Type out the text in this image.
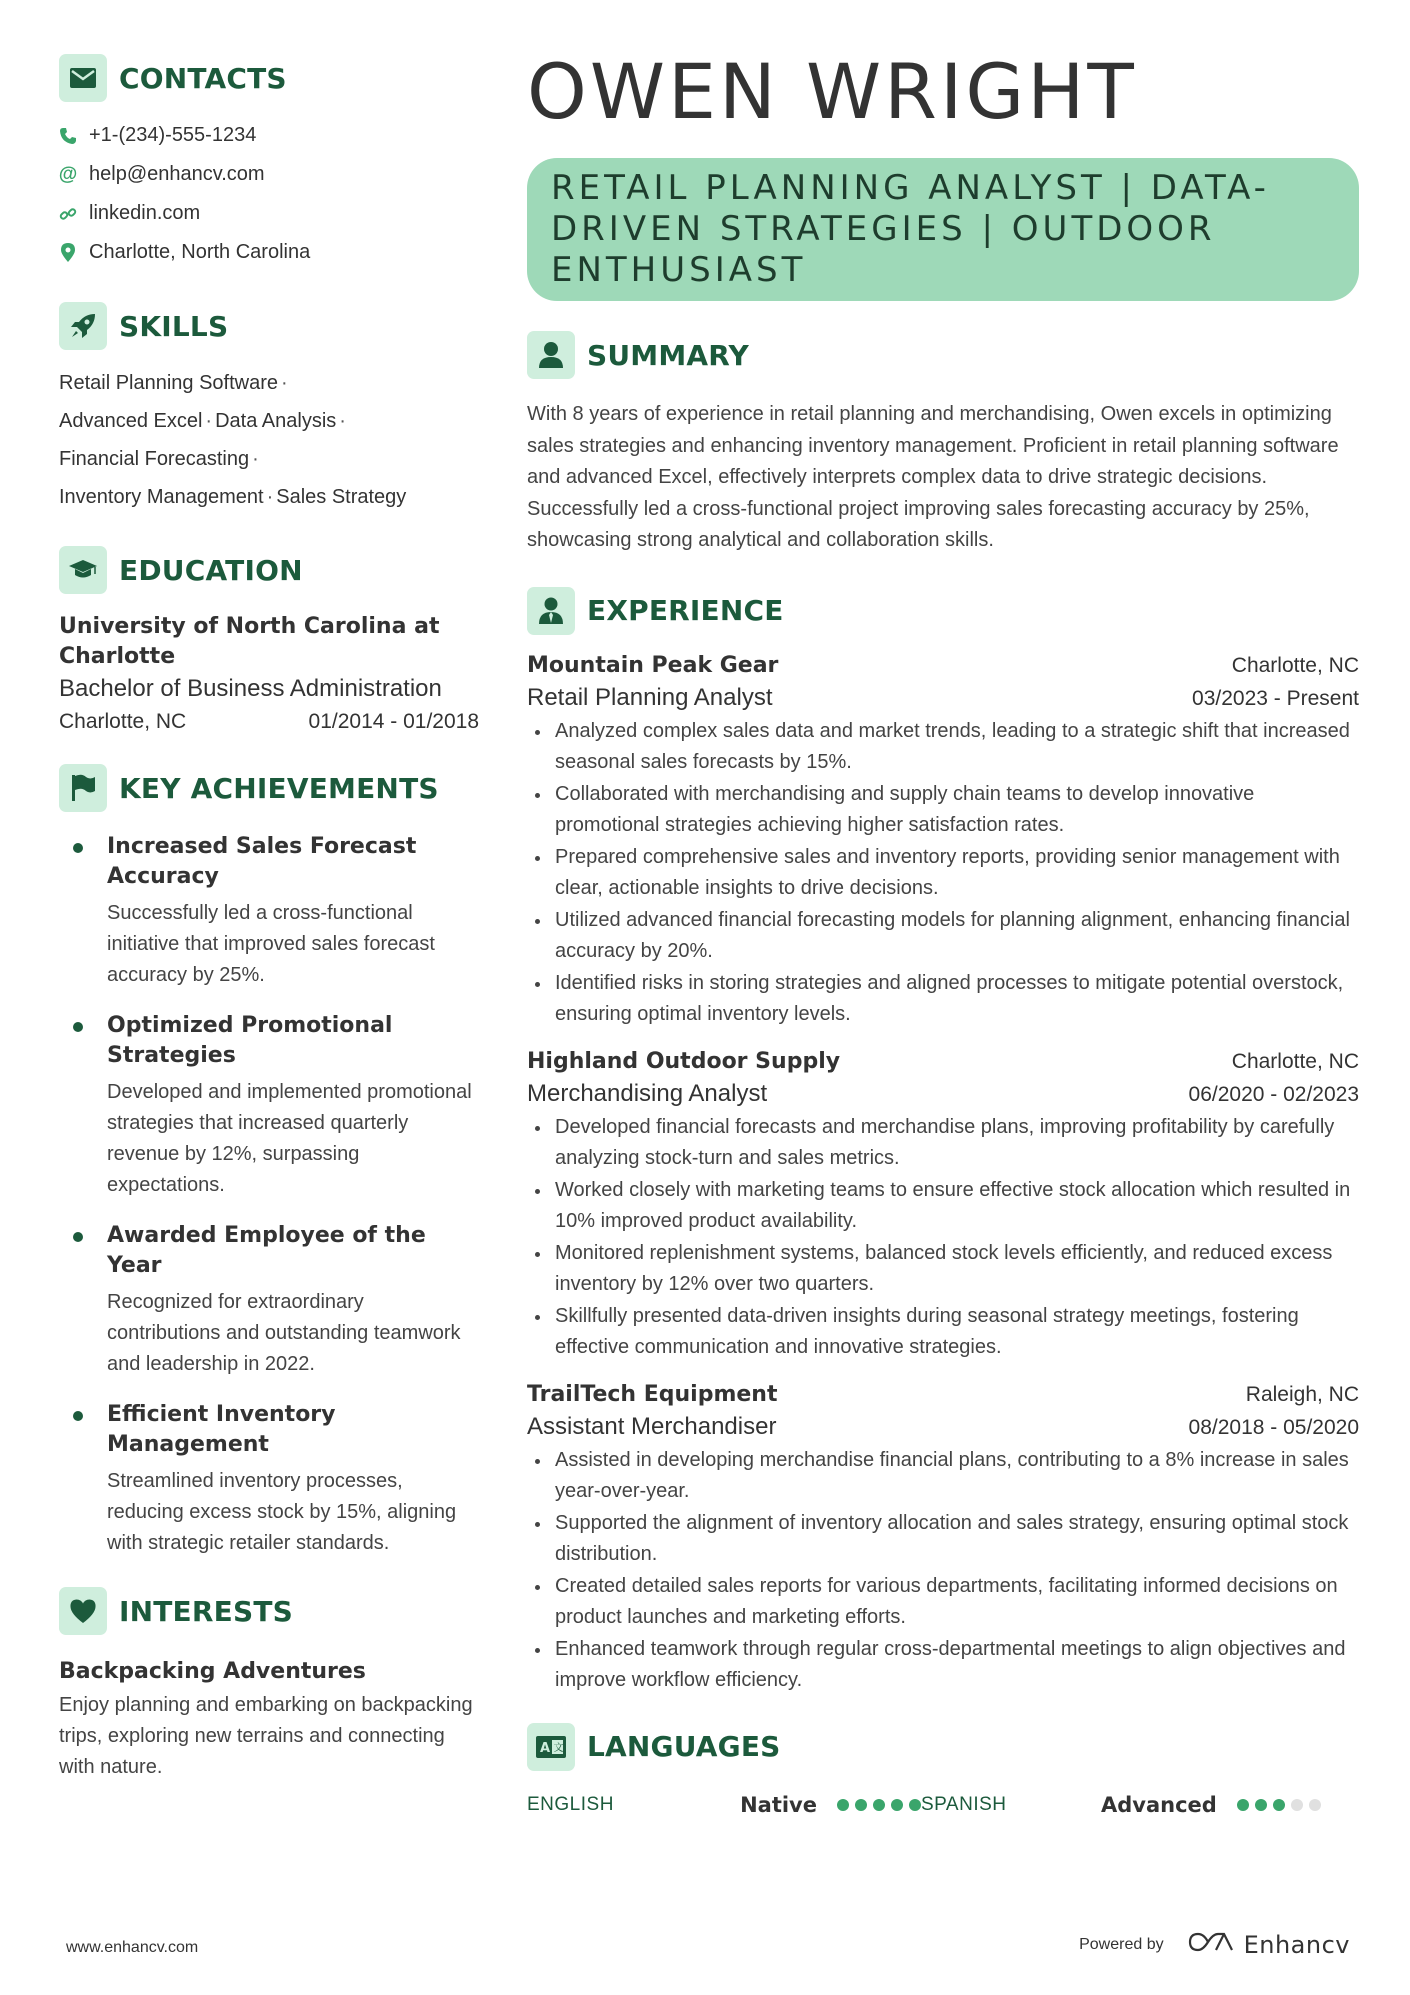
CONTACTS
+1-(234)-555-1234
@ help@enhancv.com
linkedin.com
Charlotte, North Carolina
SKILLS
Retail Planning Software ·
Advanced Excel · Data Analysis ·
Financial Forecasting ·
Inventory Management · Sales Strategy
EDUCATION
University of North Carolina at Charlotte
Bachelor of Business Administration
Charlotte, NC	01/2014 - 01/2018
KEY ACHIEVEMENTS
Increased Sales Forecast Accuracy
Successfully led a cross-functional initiative that improved sales forecast accuracy by 25%.
Optimized Promotional Strategies
Developed and implemented promotional strategies that increased quarterly revenue by 12%, surpassing expectations.
Awarded Employee of the Year
Recognized for extraordinary contributions and outstanding teamwork and leadership in 2022.
Efficient Inventory Management
Streamlined inventory processes, reducing excess stock by 15%, aligning with strategic retailer standards.
INTERESTS
Backpacking Adventures
Enjoy planning and embarking on backpacking trips, exploring new terrains and connecting with nature.
OWEN WRIGHT
RETAIL PLANNING ANALYST | DATA-DRIVEN STRATEGIES | OUTDOOR ENTHUSIAST
SUMMARY
With 8 years of experience in retail planning and merchandising, Owen excels in optimizing sales strategies and enhancing inventory management. Proficient in retail planning software and advanced Excel, effectively interprets complex data to drive strategic decisions. Successfully led a cross-functional project improving sales forecasting accuracy by 25%, showcasing strong analytical and collaboration skills.
EXPERIENCE
Mountain Peak Gear	Charlotte, NC
Retail Planning Analyst	03/2023 - Present
Analyzed complex sales data and market trends, leading to a strategic shift that increased seasonal sales forecasts by 15%.
Collaborated with merchandising and supply chain teams to develop innovative promotional strategies achieving higher satisfaction rates.
Prepared comprehensive sales and inventory reports, providing senior management with clear, actionable insights to drive decisions.
Utilized advanced financial forecasting models for planning alignment, enhancing financial accuracy by 20%.
Identified risks in storing strategies and aligned processes to mitigate potential overstock, ensuring optimal inventory levels.
Highland Outdoor Supply	Charlotte, NC
Merchandising Analyst	06/2020 - 02/2023
Developed financial forecasts and merchandise plans, improving profitability by carefully analyzing stock-turn and sales metrics.
Worked closely with marketing teams to ensure effective stock allocation which resulted in 10% improved product availability.
Monitored replenishment systems, balanced stock levels efficiently, and reduced excess inventory by 12% over two quarters.
Skillfully presented data-driven insights during seasonal strategy meetings, fostering effective communication and innovative strategies.
TrailTech Equipment	Raleigh, NC
Assistant Merchandiser	08/2018 - 05/2020
Assisted in developing merchandise financial plans, contributing to a 8% increase in sales year-over-year.
Supported the alignment of inventory allocation and sales strategy, ensuring optimal stock distribution.
Created detailed sales reports for various departments, facilitating informed decisions on product launches and marketing efforts.
Enhanced teamwork through regular cross-departmental meetings to align objectives and improve workflow efficiency.
A 文 LANGUAGES
ENGLISH	Native	SPANISH	Advanced
www.enhancv.com	Powered by	Enhancv
